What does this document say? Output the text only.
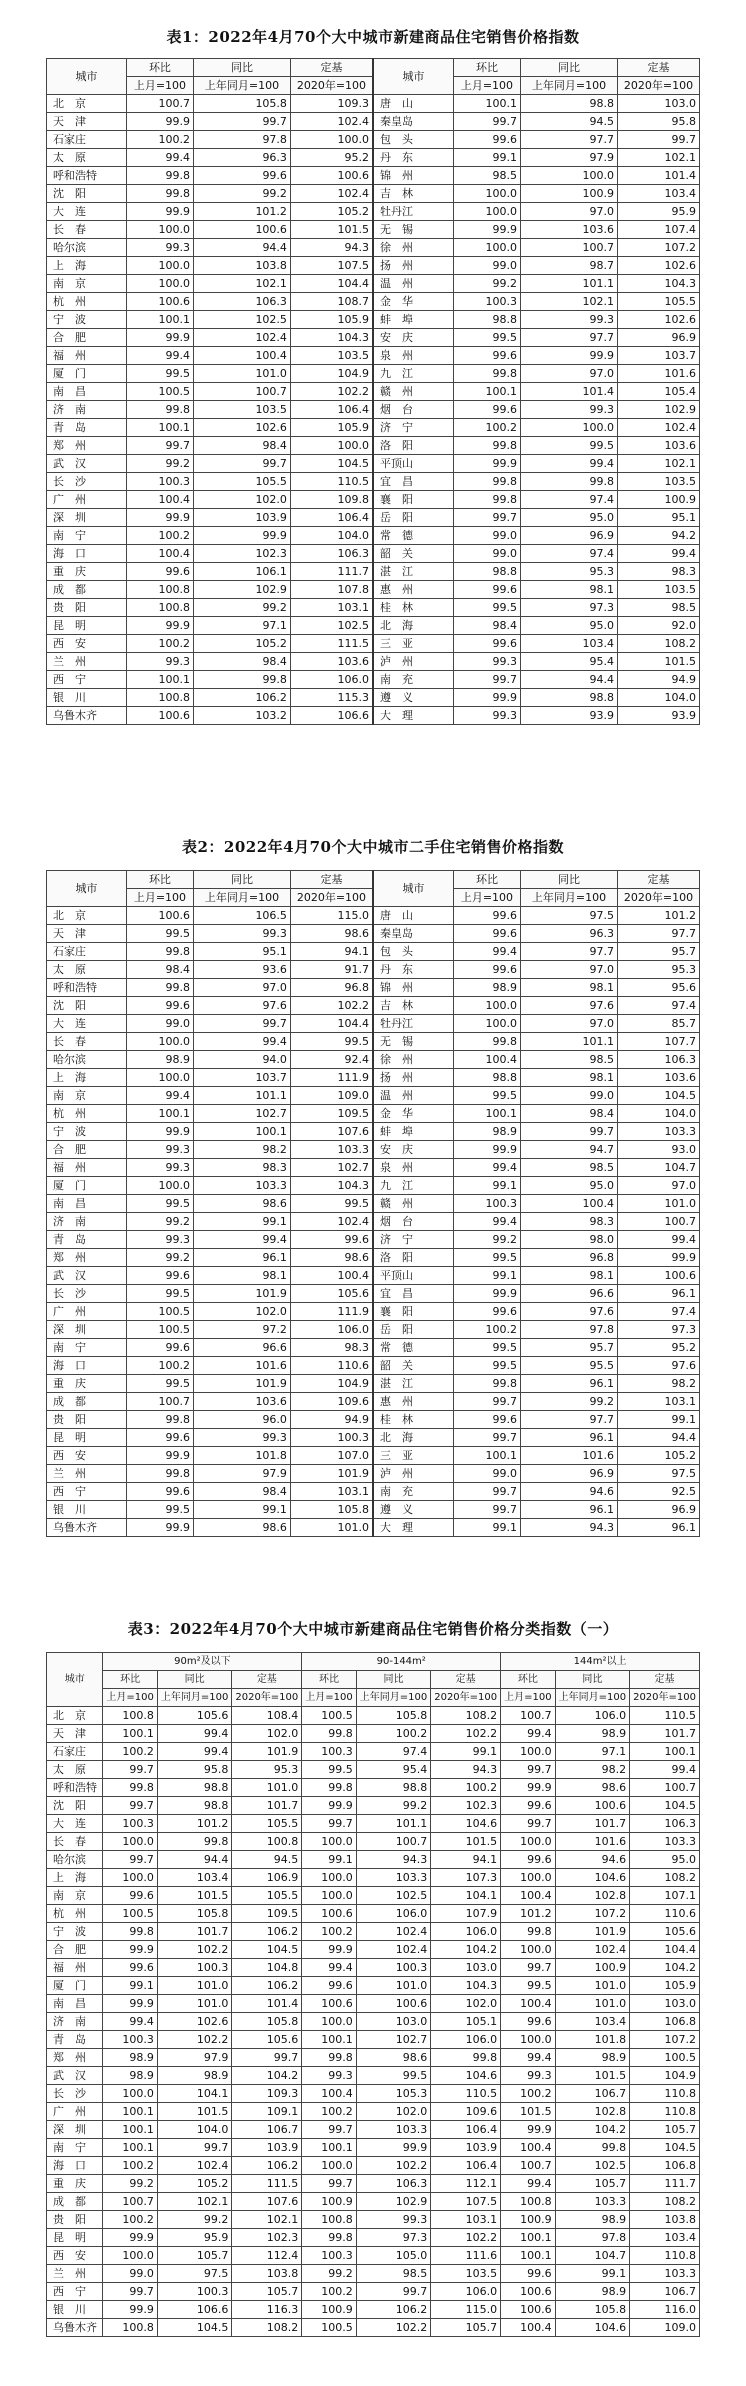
表1：2022年4月70个大中城市新建商品住宅销售价格指数
城市	环比	同比	定基	城市	环比	同比	定基
	上月=100	上年同月=100	2020年=100		上月=100	上年同月=100	2020年=100
北　京	100.7	105.8	109.3	唐　山	100.1	98.8	103.0
天　津	99.9	99.7	102.4	秦皇岛	99.7	94.5	95.8
石家庄	100.2	97.8	100.0	包　头	99.6	97.7	99.7
太　原	99.4	96.3	95.2	丹　东	99.1	97.9	102.1
呼和浩特	99.8	99.6	100.6	锦　州	98.5	100.0	101.4
沈　阳	99.8	99.2	102.4	吉　林	100.0	100.9	103.4
大　连	99.9	101.2	105.2	牡丹江	100.0	97.0	95.9
长　春	100.0	100.6	101.5	无　锡	99.9	103.6	107.4
哈尔滨	99.3	94.4	94.3	徐　州	100.0	100.7	107.2
上　海	100.0	103.8	107.5	扬　州	99.0	98.7	102.6
南　京	100.0	102.1	104.4	温　州	99.2	101.1	104.3
杭　州	100.6	106.3	108.7	金　华	100.3	102.1	105.5
宁　波	100.1	102.5	105.9	蚌　埠	98.8	99.3	102.6
合　肥	99.9	102.4	104.3	安　庆	99.5	97.7	96.9
福　州	99.4	100.4	103.5	泉　州	99.6	99.9	103.7
厦　门	99.5	101.0	104.9	九　江	99.8	97.0	101.6
南　昌	100.5	100.7	102.2	赣　州	100.1	101.4	105.4
济　南	99.8	103.5	106.4	烟　台	99.6	99.3	102.9
青　岛	100.1	102.6	105.9	济　宁	100.2	100.0	102.4
郑　州	99.7	98.4	100.0	洛　阳	99.8	99.5	103.6
武　汉	99.2	99.7	104.5	平顶山	99.9	99.4	102.1
长　沙	100.3	105.5	110.5	宜　昌	99.8	99.8	103.5
广　州	100.4	102.0	109.8	襄　阳	99.8	97.4	100.9
深　圳	99.9	103.9	106.4	岳　阳	99.7	95.0	95.1
南　宁	100.2	99.9	104.0	常　德	99.0	96.9	94.2
海　口	100.4	102.3	106.3	韶　关	99.0	97.4	99.4
重　庆	99.6	106.1	111.7	湛　江	98.8	95.3	98.3
成　都	100.8	102.9	107.8	惠　州	99.6	98.1	103.5
贵　阳	100.8	99.2	103.1	桂　林	99.5	97.3	98.5
昆　明	99.9	97.1	102.5	北　海	98.4	95.0	92.0
西　安	100.2	105.2	111.5	三　亚	99.6	103.4	108.2
兰　州	99.3	98.4	103.6	泸　州	99.3	95.4	101.5
西　宁	100.1	99.8	106.0	南　充	99.7	94.4	94.9
银　川	100.8	106.2	115.3	遵　义	99.9	98.8	104.0
乌鲁木齐	100.6	103.2	106.6	大　理	99.3	93.9	93.9
表2：2022年4月70个大中城市二手住宅销售价格指数
城市	环比	同比	定基	城市	环比	同比	定基
	上月=100	上年同月=100	2020年=100		上月=100	上年同月=100	2020年=100
北　京	100.6	106.5	115.0	唐　山	99.6	97.5	101.2
天　津	99.5	99.3	98.6	秦皇岛	99.6	96.3	97.7
石家庄	99.8	95.1	94.1	包　头	99.4	97.7	95.7
太　原	98.4	93.6	91.7	丹　东	99.6	97.0	95.3
呼和浩特	99.8	97.0	96.8	锦　州	98.9	98.1	95.6
沈　阳	99.6	97.6	102.2	吉　林	100.0	97.6	97.4
大　连	99.0	99.7	104.4	牡丹江	100.0	97.0	85.7
长　春	100.0	99.4	99.5	无　锡	99.8	101.1	107.7
哈尔滨	98.9	94.0	92.4	徐　州	100.4	98.5	106.3
上　海	100.0	103.7	111.9	扬　州	98.8	98.1	103.6
南　京	99.4	101.1	109.0	温　州	99.5	99.0	104.5
杭　州	100.1	102.7	109.5	金　华	100.1	98.4	104.0
宁　波	99.9	100.1	107.6	蚌　埠	98.9	99.7	103.3
合　肥	99.3	98.2	103.3	安　庆	99.9	94.7	93.0
福　州	99.3	98.3	102.7	泉　州	99.4	98.5	104.7
厦　门	100.0	103.3	104.3	九　江	99.1	95.0	97.0
南　昌	99.5	98.6	99.5	赣　州	100.3	100.4	101.0
济　南	99.2	99.1	102.4	烟　台	99.4	98.3	100.7
青　岛	99.3	99.4	99.6	济　宁	99.2	98.0	99.4
郑　州	99.2	96.1	98.6	洛　阳	99.5	96.8	99.9
武　汉	99.6	98.1	100.4	平顶山	99.1	98.1	100.6
长　沙	99.5	101.9	105.6	宜　昌	99.9	96.6	96.1
广　州	100.5	102.0	111.9	襄　阳	99.6	97.6	97.4
深　圳	100.5	97.2	106.0	岳　阳	100.2	97.8	97.3
南　宁	99.6	96.6	98.3	常　德	99.5	95.7	95.2
海　口	100.2	101.6	110.6	韶　关	99.5	95.5	97.6
重　庆	99.5	101.9	104.9	湛　江	99.8	96.1	98.2
成　都	100.7	103.6	109.6	惠　州	99.7	99.2	103.1
贵　阳	99.8	96.0	94.9	桂　林	99.6	97.7	99.1
昆　明	99.6	99.3	100.3	北　海	99.7	96.1	94.4
西　安	99.9	101.8	107.0	三　亚	100.1	101.6	105.2
兰　州	99.8	97.9	101.9	泸　州	99.0	96.9	97.5
西　宁	99.6	98.4	103.1	南　充	99.7	94.6	92.5
银　川	99.5	99.1	105.8	遵　义	99.7	96.1	96.9
乌鲁木齐	99.9	98.6	101.0	大　理	99.1	94.3	96.1
表3：2022年4月70个大中城市新建商品住宅销售价格分类指数（一）
城市	90m²及以下			90-144m²			144m²以上		
	环比	同比	定基	环比	同比	定基	环比	同比	定基
	上月=100	上年同月=100	2020年=100	上月=100	上年同月=100	2020年=100	上月=100	上年同月=100	2020年=100
北　京	100.8	105.6	108.4	100.5	105.8	108.2	100.7	106.0	110.5
天　津	100.1	99.4	102.0	99.8	100.2	102.2	99.4	98.9	101.7
石家庄	100.2	99.4	101.9	100.3	97.4	99.1	100.0	97.1	100.1
太　原	99.7	95.8	95.3	99.5	95.4	94.3	99.7	98.2	99.4
呼和浩特	99.8	98.8	101.0	99.8	98.8	100.2	99.9	98.6	100.7
沈　阳	99.7	98.8	101.7	99.9	99.2	102.3	99.6	100.6	104.5
大　连	100.3	101.2	105.5	99.7	101.1	104.6	99.7	101.7	106.3
长　春	100.0	99.8	100.8	100.0	100.7	101.5	100.0	101.6	103.3
哈尔滨	99.7	94.4	94.5	99.1	94.3	94.1	99.6	94.6	95.0
上　海	100.0	103.4	106.9	100.0	103.3	107.3	100.0	104.6	108.2
南　京	99.6	101.5	105.5	100.0	102.5	104.1	100.4	102.8	107.1
杭　州	100.5	105.8	109.5	100.6	106.0	107.9	101.2	107.2	110.6
宁　波	99.8	101.7	106.2	100.2	102.4	106.0	99.8	101.9	105.6
合　肥	99.9	102.2	104.5	99.9	102.4	104.2	100.0	102.4	104.4
福　州	99.6	100.3	104.8	99.4	100.3	103.0	99.7	100.9	104.2
厦　门	99.1	101.0	106.2	99.6	101.0	104.3	99.5	101.0	105.9
南　昌	99.9	101.0	101.4	100.6	100.6	102.0	100.4	101.0	103.0
济　南	99.4	102.6	105.8	100.0	103.0	105.1	99.6	103.4	106.8
青　岛	100.3	102.2	105.6	100.1	102.7	106.0	100.0	101.8	107.2
郑　州	98.9	97.9	99.7	99.8	98.6	99.8	99.4	98.9	100.5
武　汉	98.9	98.9	104.2	99.3	99.5	104.6	99.3	101.5	104.9
长　沙	100.0	104.1	109.3	100.4	105.3	110.5	100.2	106.7	110.8
广　州	100.1	101.5	109.1	100.2	102.0	109.6	101.5	102.8	110.8
深　圳	100.1	104.0	106.7	99.7	103.3	106.4	99.9	104.2	105.7
南　宁	100.1	99.7	103.9	100.1	99.9	103.9	100.4	99.8	104.5
海　口	100.2	102.4	106.2	100.0	102.2	106.4	100.7	102.5	106.8
重　庆	99.2	105.2	111.5	99.7	106.3	112.1	99.4	105.7	111.7
成　都	100.7	102.1	107.6	100.9	102.9	107.5	100.8	103.3	108.2
贵　阳	100.2	99.2	102.1	100.8	99.3	103.1	100.9	98.9	103.8
昆　明	99.9	95.9	102.3	99.8	97.3	102.2	100.1	97.8	103.4
西　安	100.0	105.7	112.4	100.3	105.0	111.6	100.1	104.7	110.8
兰　州	99.0	97.5	103.8	99.2	98.5	103.5	99.6	99.1	103.3
西　宁	99.7	100.3	105.7	100.2	99.7	106.0	100.6	98.9	106.7
银　川	99.9	106.6	116.3	100.9	106.2	115.0	100.6	105.8	116.0
乌鲁木齐	100.8	104.5	108.2	100.5	102.2	105.7	100.4	104.6	109.0
